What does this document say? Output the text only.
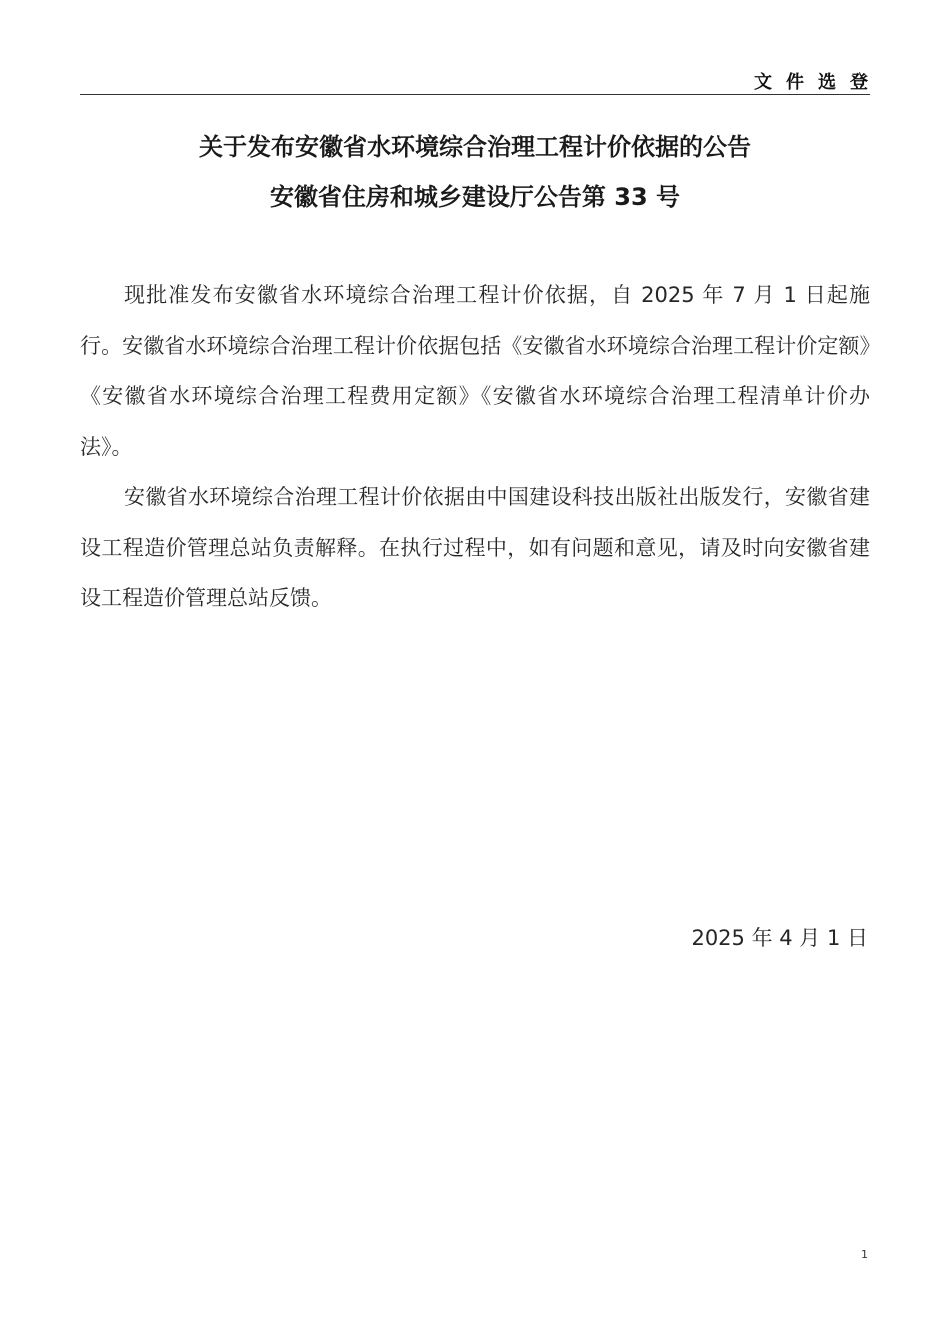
文件选登
关于发布安徽省水环境综合治理工程计价依据的公告
安徽省住房和城乡建设厅公告第 33 号

现批准发布安徽省水环境综合治理工程计价依据，自 2025 年 7 月 1 日起施行。安徽省水环境综合治理工程计价依据包括《安徽省水环境综合治理工程计价定额》《安徽省水环境综合治理工程费用定额》《安徽省水环境综合治理工程清单计价办法》。

安徽省水环境综合治理工程计价依据由中国建设科技出版社出版发行，安徽省建设工程造价管理总站负责解释。在执行过程中，如有问题和意见，请及时向安徽省建设工程造价管理总站反馈。

2025 年 4 月 1 日
1
